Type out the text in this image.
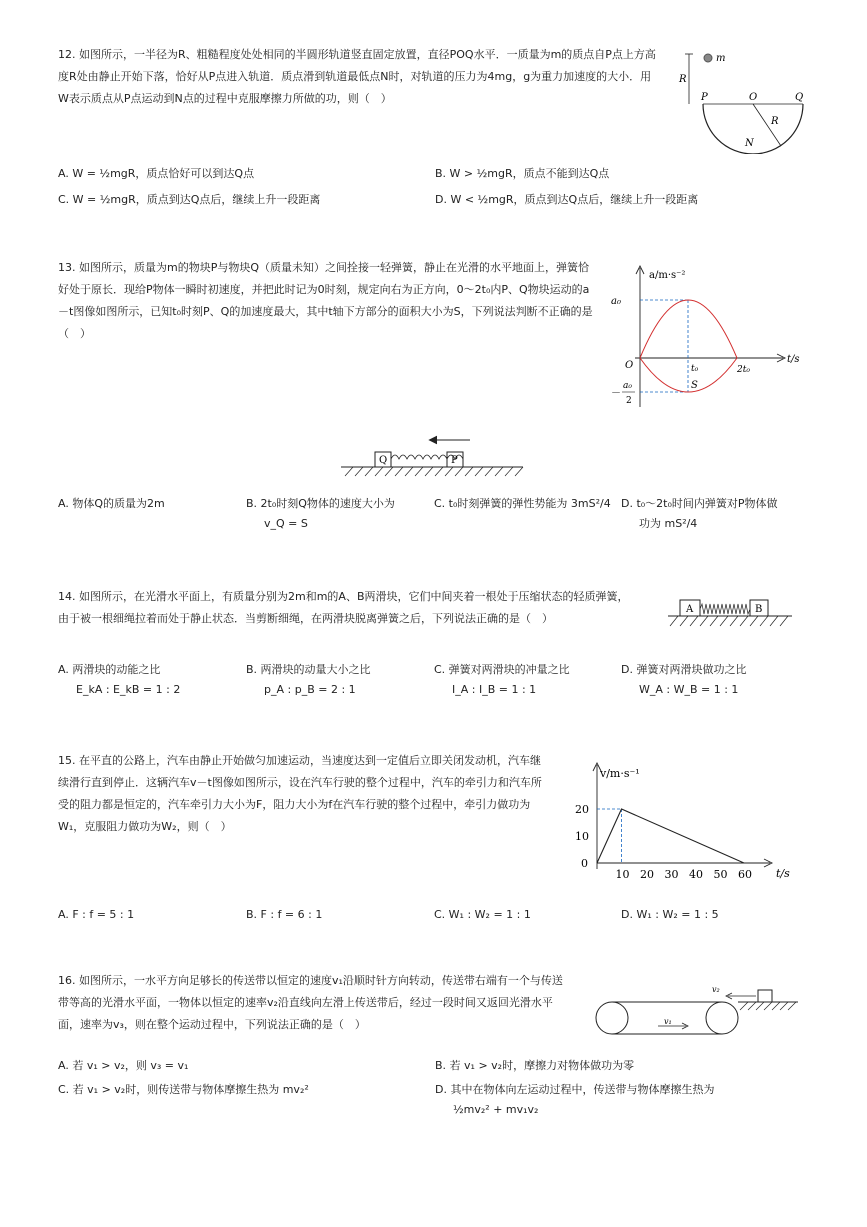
12. 如图所示，一半径为R、粗糙程度处处相同的半圆形轨道竖直固定放置，直径POQ水平．一质量为m的质点自P点上方高度R处由静止开始下落，恰好从P点进入轨道．质点滑到轨道最低点N时，对轨道的压力为4mg，g为重力加速度的大小．用W表示质点从P点运动到N点的过程中克服摩擦力所做的功，则（　）
m
R
P	O	Q
R
N
A. W = ½mgR，质点恰好可以到达Q点	B. W > ½mgR，质点不能到达Q点
C. W = ½mgR，质点到达Q点后，继续上升一段距离	D. W < ½mgR，质点到达Q点后，继续上升一段距离
13. 如图所示，质量为m的物块P与物块Q（质量未知）之间拴接一轻弹簧，静止在光滑的水平地面上，弹簧恰好处于原长．现给P物体一瞬时初速度，并把此时记为0时刻，规定向右为正方向，0～2t₀内P、Q物块运动的a－t图像如图所示，已知t₀时刻P、Q的加速度最大，其中t轴下方部分的面积大小为S，下列说法判断不正确的是（　）
a/m·s⁻²
a₀
O
t/s
t₀	2t₀
S
－
a₀
2
Q	P
A. 物体Q的质量为2m	B. 2t₀时刻Q物体的速度大小为
v_Q = S
C. t₀时刻弹簧的弹性势能为 3mS²/4 D. t₀～2t₀时间内弹簧对P物体做
功为 mS²/4
14. 如图所示，在光滑水平面上，有质量分别为2m和m的A、B两滑块，它们中间夹着一根处于压缩状态的轻质弹簧，由于被一根细绳拉着而处于静止状态．当剪断细绳，在两滑块脱离弹簧之后，下列说法正确的是（　）
A	B
A. 两滑块的动能之比
E_kA : E_kB = 1 : 2
B. 两滑块的动量大小之比
p_A : p_B = 2 : 1
C. 弹簧对两滑块的冲量之比
I_A : I_B = 1 : 1
D. 弹簧对两滑块做功之比
W_A : W_B = 1 : 1
15. 在平直的公路上，汽车由静止开始做匀加速运动，当速度达到一定值后立即关闭发动机，汽车继续滑行直到停止．这辆汽车v－t图像如图所示，设在汽车行驶的整个过程中，汽车的牵引力和汽车所受的阻力都是恒定的，汽车牵引力大小为F，阻力大小为f在汽车行驶的整个过程中，牵引力做功为W₁，克服阻力做功为W₂，则（　）
v/m·s⁻¹
t/s
10 20 30 40 50 60
0
10
20
A. F : f = 5 : 1	B. F : f = 6 : 1	C. W₁ : W₂ = 1 : 1	D. W₁ : W₂ = 1 : 5
16. 如图所示，一水平方向足够长的传送带以恒定的速度v₁沿顺时针方向转动，传送带右端有一个与传送带等高的光滑水平面，一物体以恒定的速率v₂沿直线向左滑上传送带后，经过一段时间又返回光滑水平面，速率为v₃，则在整个运动过程中，下列说法正确的是（　）
v₂
v₁
A. 若 v₁ > v₂，则 v₃ = v₁	B. 若 v₁ > v₂时，摩擦力对物体做功为零
C. 若 v₁ > v₂时，则传送带与物体摩擦生热为 mv₂²	D. 其中在物体向左运动过程中，传送带与物体摩擦生热为
½mv₂² + mv₁v₂
